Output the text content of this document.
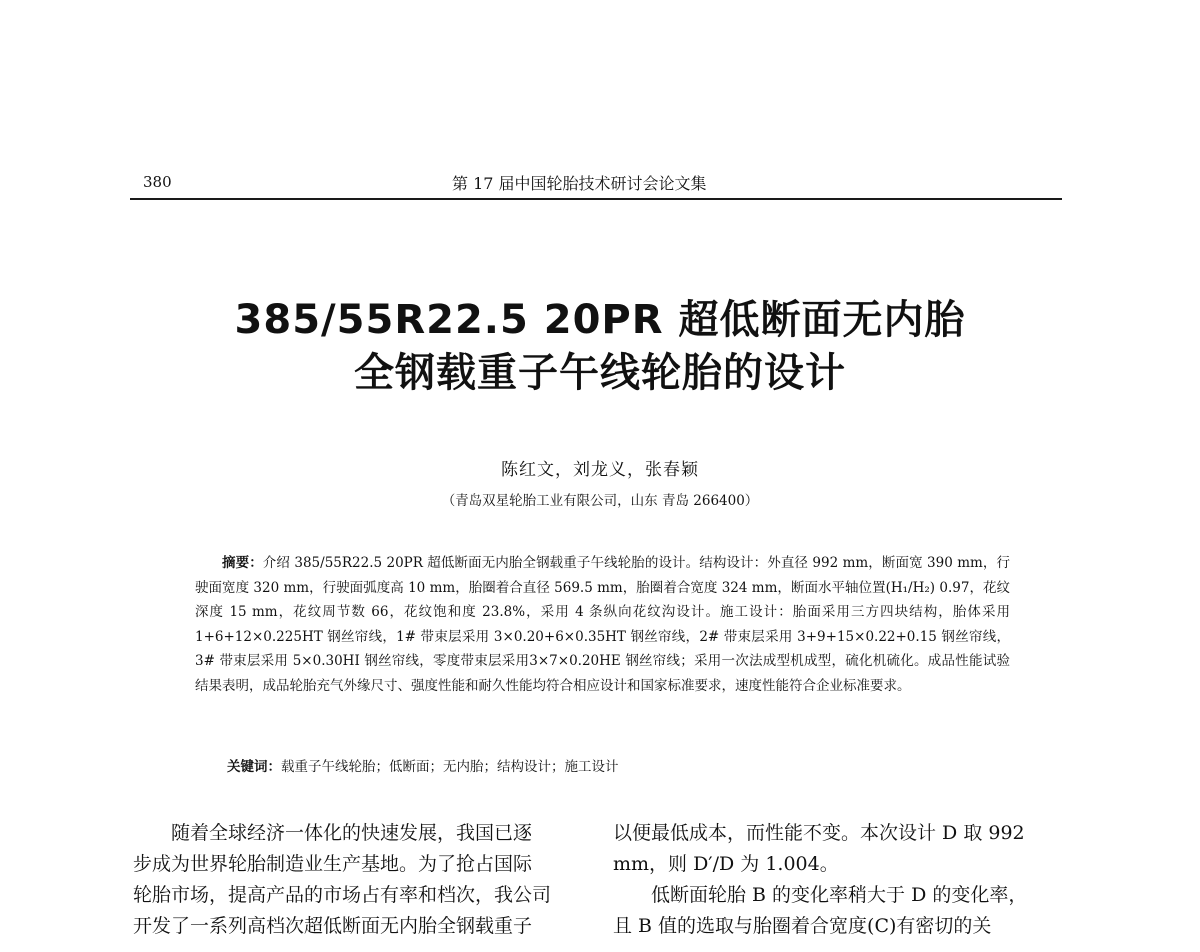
380	第 17 届中国轮胎技术研讨会论文集
385/55R22.5 20PR 超低断面无内胎
全钢载重子午线轮胎的设计
陈红文，刘龙义，张春颖
（青岛双星轮胎工业有限公司，山东 青岛 266400）
摘要：介绍 385/55R22.5 20PR 超低断面无内胎全钢载重子午线轮胎的设计。结构设计：外直径 992 mm，断面宽 390 mm，行驶面宽度 320 mm，行驶面弧度高 10 mm，胎圈着合直径 569.5 mm，胎圈着合宽度 324 mm，断面水平轴位置(H₁/H₂) 0.97，花纹深度 15 mm，花纹周节数 66，花纹饱和度 23.8%，采用 4 条纵向花纹沟设计。施工设计：胎面采用三方四块结构，胎体采用 1+6+12×0.225HT 钢丝帘线，1# 带束层采用 3×0.20+6×0.35HT 钢丝帘线，2# 带束层采用 3+9+15×0.22+0.15 钢丝帘线，3# 带束层采用 5×0.30HI 钢丝帘线，零度带束层采用3×7×0.20HE 钢丝帘线；采用一次法成型机成型，硫化机硫化。成品性能试验结果表明，成品轮胎充气外缘尺寸、强度性能和耐久性能均符合相应设计和国家标准要求，速度性能符合企业标准要求。
关键词：载重子午线轮胎；低断面；无内胎；结构设计；施工设计
随着全球经济一体化的快速发展，我国已逐
步成为世界轮胎制造业生产基地。为了抢占国际
轮胎市场，提高产品的市场占有率和档次，我公司
开发了一系列高档次超低断面无内胎全钢载重子
以便最低成本，而性能不变。本次设计 D 取 992
mm，则 D′/D 为 1.004。
低断面轮胎 B 的变化率稍大于 D 的变化率，
且 B 值的选取与胎圈着合宽度(C)有密切的关
